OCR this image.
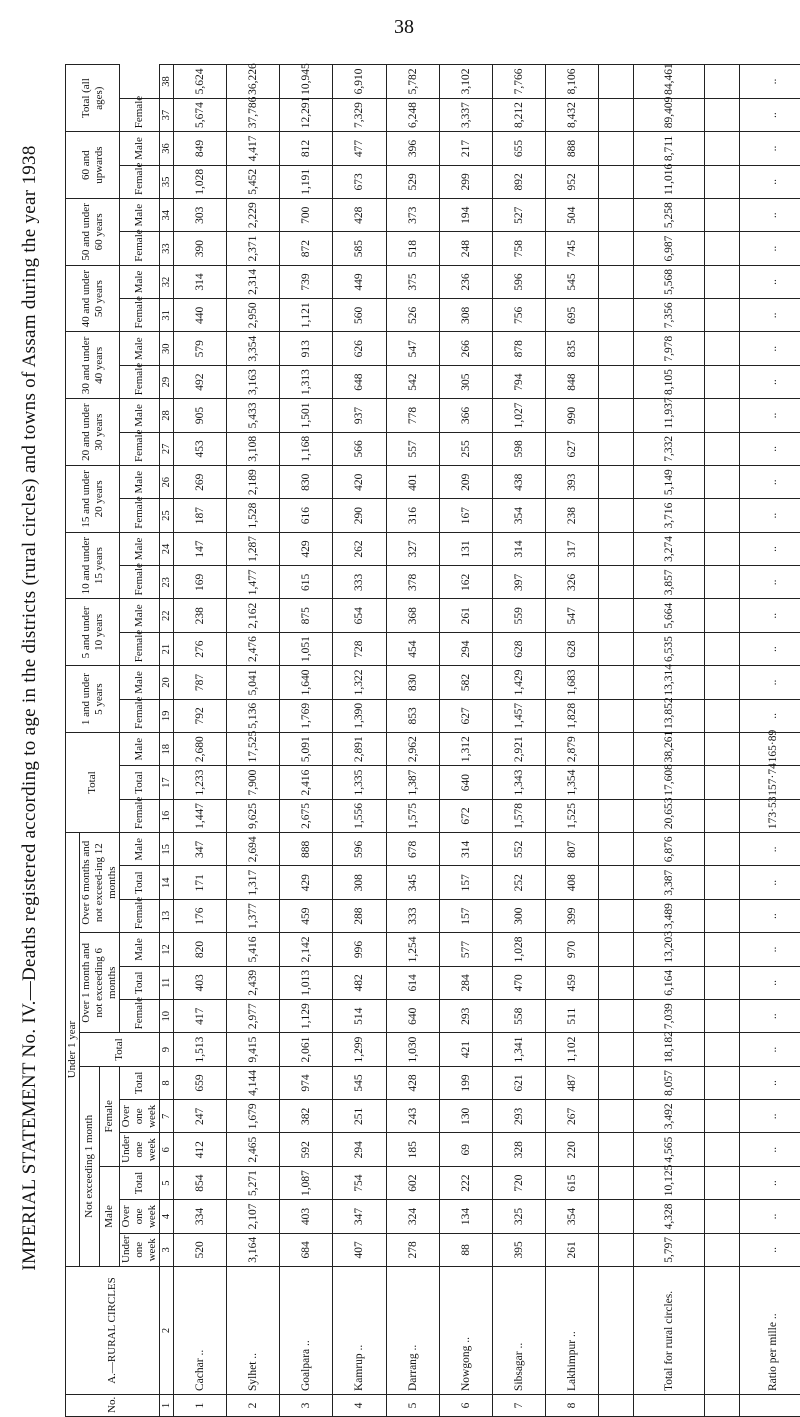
IMPERIAL STATEMENT No. IV.—Deaths registered according to age in the districts (rural circles) and towns of Assam during the year 1938
38
No.	A.—RURAL CIRCLES	Under 1 year													Total			1 and under 5 years		5 and under 10 years		10 and under 15 years		15 and under 20 years		20 and under 30 years		30 and under 40 years		40 and under 50 years		50 and under 60 years		60 and upwards		Total (all ages)	
		Not exceeding 1 month						Total	Over 1 month and not exceeding 6 months			Over 6 months and not exceed-ing 12 months																									
		Male			Female																																
		Under one week	Over one week	Total	Under one week	Over one week	Total		Female	Total	Male	Female	Total	Male	Female	Total	Male	Female	Male	Female	Male	Female	Male	Female	Male	Female	Male	Female	Male	Female	Male	Female	Male	Female	Male	Female	
1	2	3	4	5	6	7	8	9	10	11	12	13	14	15	16	17	18	19	20	21	22	23	24	25	26	27	28	29	30	31	32	33	34	35	36	37	38
1	Cachar ..	520	334	854	412	247	659	1,513	417	403	820	176	171	347	1,447	1,233	2,680	792	787	276	238	169	147	187	269	453	905	492	579	440	314	390	303	1,028	849	5,674	5,624
2	Sylhet ..	3,164	2,107	5,271	2,465	1,679	4,144	9,415	2,977	2,439	5,416	1,377	1,317	2,694	9,625	7,900	17,525	5,136	5,041	2,476	2,162	1,477	1,287	1,528	2,189	3,108	5,433	3,163	3,354	2,950	2,314	2,371	2,229	5,452	4,417	37,786	36,226
3	Goalpara ..	684	403	1,087	592	382	974	2,061	1,129	1,013	2,142	459	429	888	2,675	2,416	5,091	1,769	1,640	1,051	875	615	429	616	830	1,168	1,501	1,313	913	1,121	739	872	700	1,191	812	12,291	10,945
4	Kamrup ..	407	347	754	294	251	545	1,299	514	482	996	288	308	596	1,556	1,335	2,891	1,390	1,322	728	654	333	262	290	420	566	937	648	626	560	449	585	428	673	477	7,329	6,910
5	Darrang ..	278	324	602	185	243	428	1,030	640	614	1,254	333	345	678	1,575	1,387	2,962	853	830	454	368	378	327	316	401	557	778	542	547	526	375	518	373	529	396	6,248	5,782
6	Nowgong ..	88	134	222	69	130	199	421	293	284	577	157	157	314	672	640	1,312	627	582	294	261	162	131	167	209	255	366	305	266	308	236	248	194	299	217	3,337	3,102
7	Sibsagar ..	395	325	720	328	293	621	1,341	558	470	1,028	300	252	552	1,578	1,343	2,921	1,457	1,429	628	559	397	314	354	438	598	1,027	794	878	756	596	758	527	892	655	8,212	7,766
8	Lakhimpur ..	261	354	615	220	267	487	1,102	511	459	970	399	408	807	1,525	1,354	2,879	1,828	1,683	628	547	326	317	238	393	627	990	848	835	695	545	745	504	952	888	8,432	8,106

	Total for rural circles.	5,797	4,328	10,125	4,565	3,492	8,057	18,182	7,039	6,164	13,203	3,489	3,387	6,876	20,653	17,608	38,261	13,852	13,314	6,535	5,664	3,857	3,274	3,716	5,149	7,332	11,937	8,105	7,978	7,356	5,568	6,987	5,258	11,016	8,711	89,409	84,461

	Ratio per mille ..	..	..	..	..	..	..	..	..	..	..	..	..	..	173·53	157·74	165·89	..	..	..	..	..	..	..	..	..	..	..	..	..	..	..	..	..	..	..	..
